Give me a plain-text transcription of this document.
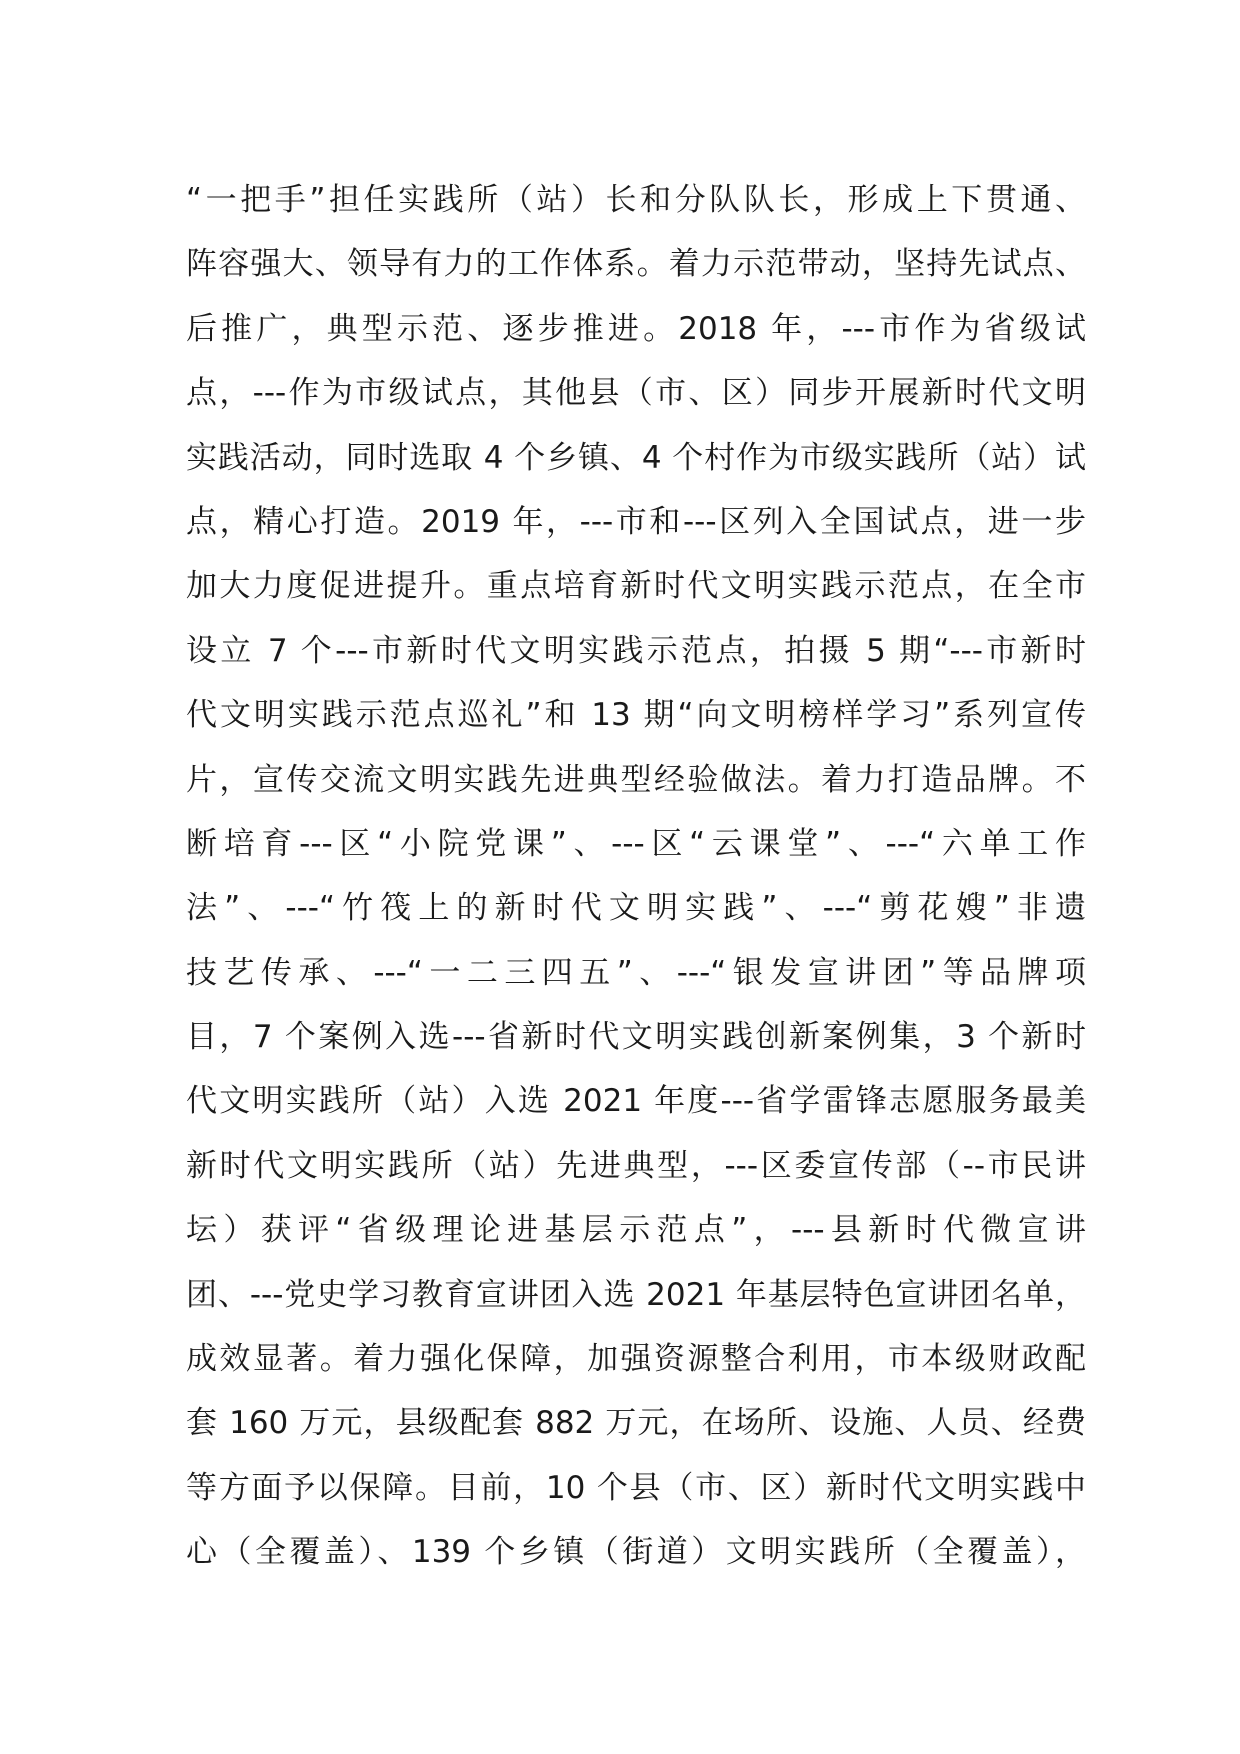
“一把手”担任实践所（站）长和分队队长，形成上下贯通、
阵容强大、领导有力的工作体系。着力示范带动，坚持先试点、
后推广，典型示范、逐步推进。2018 年，---市作为省级试
点，---作为市级试点，其他县（市、区）同步开展新时代文明
实践活动，同时选取 4 个乡镇、4 个村作为市级实践所（站）试
点，精心打造。2019 年，---市和---区列入全国试点，进一步
加大力度促进提升。重点培育新时代文明实践示范点，在全市
设立 7 个---市新时代文明实践示范点，拍摄 5 期“---市新时
代文明实践示范点巡礼”和 13 期“向文明榜样学习”系列宣传
片，宣传交流文明实践先进典型经验做法。着力打造品牌。不
断培育---区“小院党课”、---区“云课堂”、---“六单工作
法”、---“竹筏上的新时代文明实践”、---“剪花嫂”非遗
技艺传承、---“一二三四五”、---“银发宣讲团”等品牌项
目，7 个案例入选---省新时代文明实践创新案例集，3 个新时
代文明实践所（站）入选 2021 年度---省学雷锋志愿服务最美
新时代文明实践所（站）先进典型，---区委宣传部（--市民讲
坛）获评“省级理论进基层示范点”，---县新时代微宣讲
团、---党史学习教育宣讲团入选 2021 年基层特色宣讲团名单，
成效显著。着力强化保障，加强资源整合利用，市本级财政配
套 160 万元，县级配套 882 万元，在场所、设施、人员、经费
等方面予以保障。目前，10 个县（市、区）新时代文明实践中
心（全覆盖）、139 个乡镇（街道）文明实践所（全覆盖），
